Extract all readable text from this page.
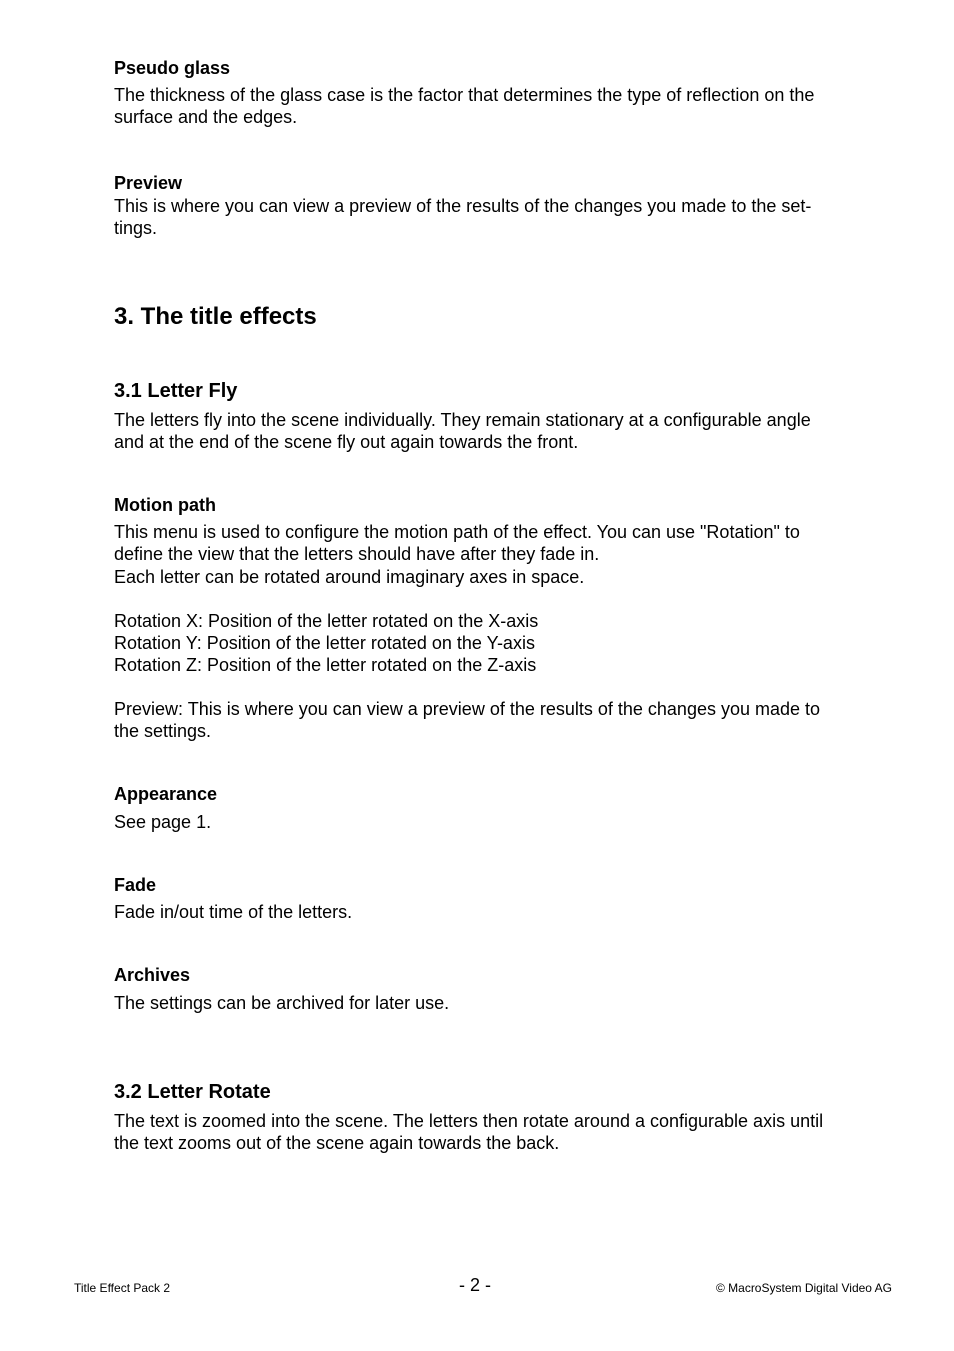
Pseudo glass
The thickness of the glass case is the factor that determines the type of reflection on the
surface and the edges.
Preview
This is where you can view a preview of the results of the changes you made to the set-
tings.
3. The title effects
3.1 Letter Fly
The letters fly into the scene individually. They remain stationary at a configurable angle
and at the end of the scene fly out again towards the front.
Motion path
This menu is used to configure the motion path of the effect. You can use "Rotation" to
define the view that the letters should have after they fade in.
Each letter can be rotated around imaginary axes in space.
Rotation X: Position of the letter rotated on the X-axis
Rotation Y: Position of the letter rotated on the Y-axis
Rotation Z: Position of the letter rotated on the Z-axis
Preview: This is where you can view a preview of the results of the changes you made to
the settings.
Appearance
See page 1.
Fade
Fade in/out time of the letters.
Archives
The settings can be archived for later use.
3.2 Letter Rotate
The text is zoomed into the scene. The letters then rotate around a configurable axis until
the text zooms out of the scene again towards the back.
Title Effect Pack 2	- 2 -	© MacroSystem Digital Video AG
